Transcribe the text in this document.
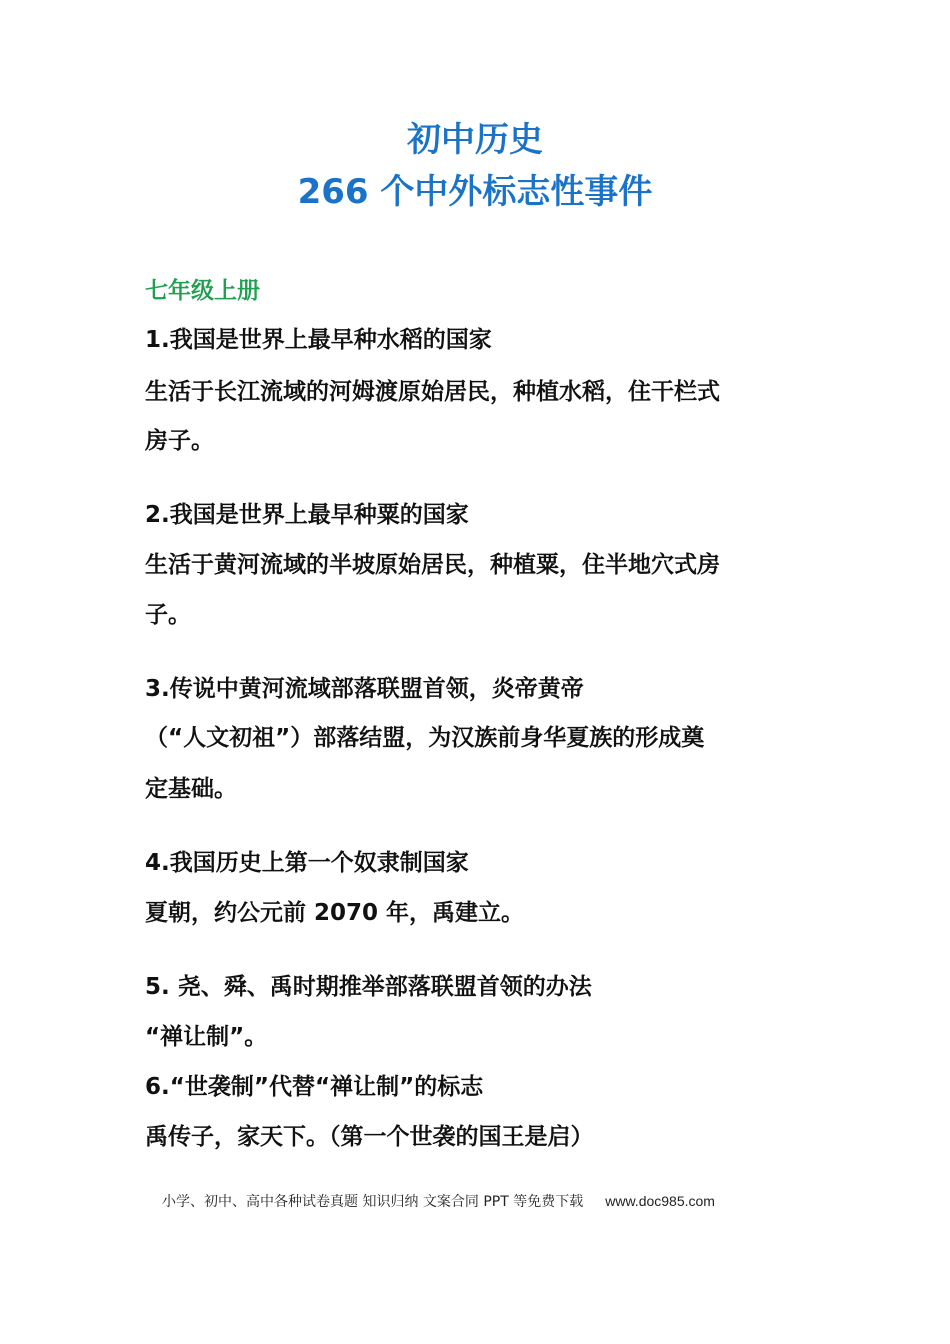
初中历史
266 个中外标志性事件
七年级上册

1.我国是世界上最早种水稻的国家

生活于长江流域的河姆渡原始居民，种植水稻，住干栏式

房子。

2.我国是世界上最早种粟的国家

生活于黄河流域的半坡原始居民，种植粟，住半地穴式房

子。

3.传说中黄河流域部落联盟首领，炎帝黄帝

（“人文初祖”）部落结盟，为汉族前身华夏族的形成奠

定基础。

4.我国历史上第一个奴隶制国家

夏朝，约公元前 2070 年，禹建立。

5. 尧、舜、禹时期推举部落联盟首领的办法

“禅让制”。

6.“世袭制”代替“禅让制”的标志

禹传子，家天下。（第一个世袭的国王是启）

小学、初中、高中各种试卷真题 知识归纳 文案合同 PPT 等免费下载 www.doc985.com
